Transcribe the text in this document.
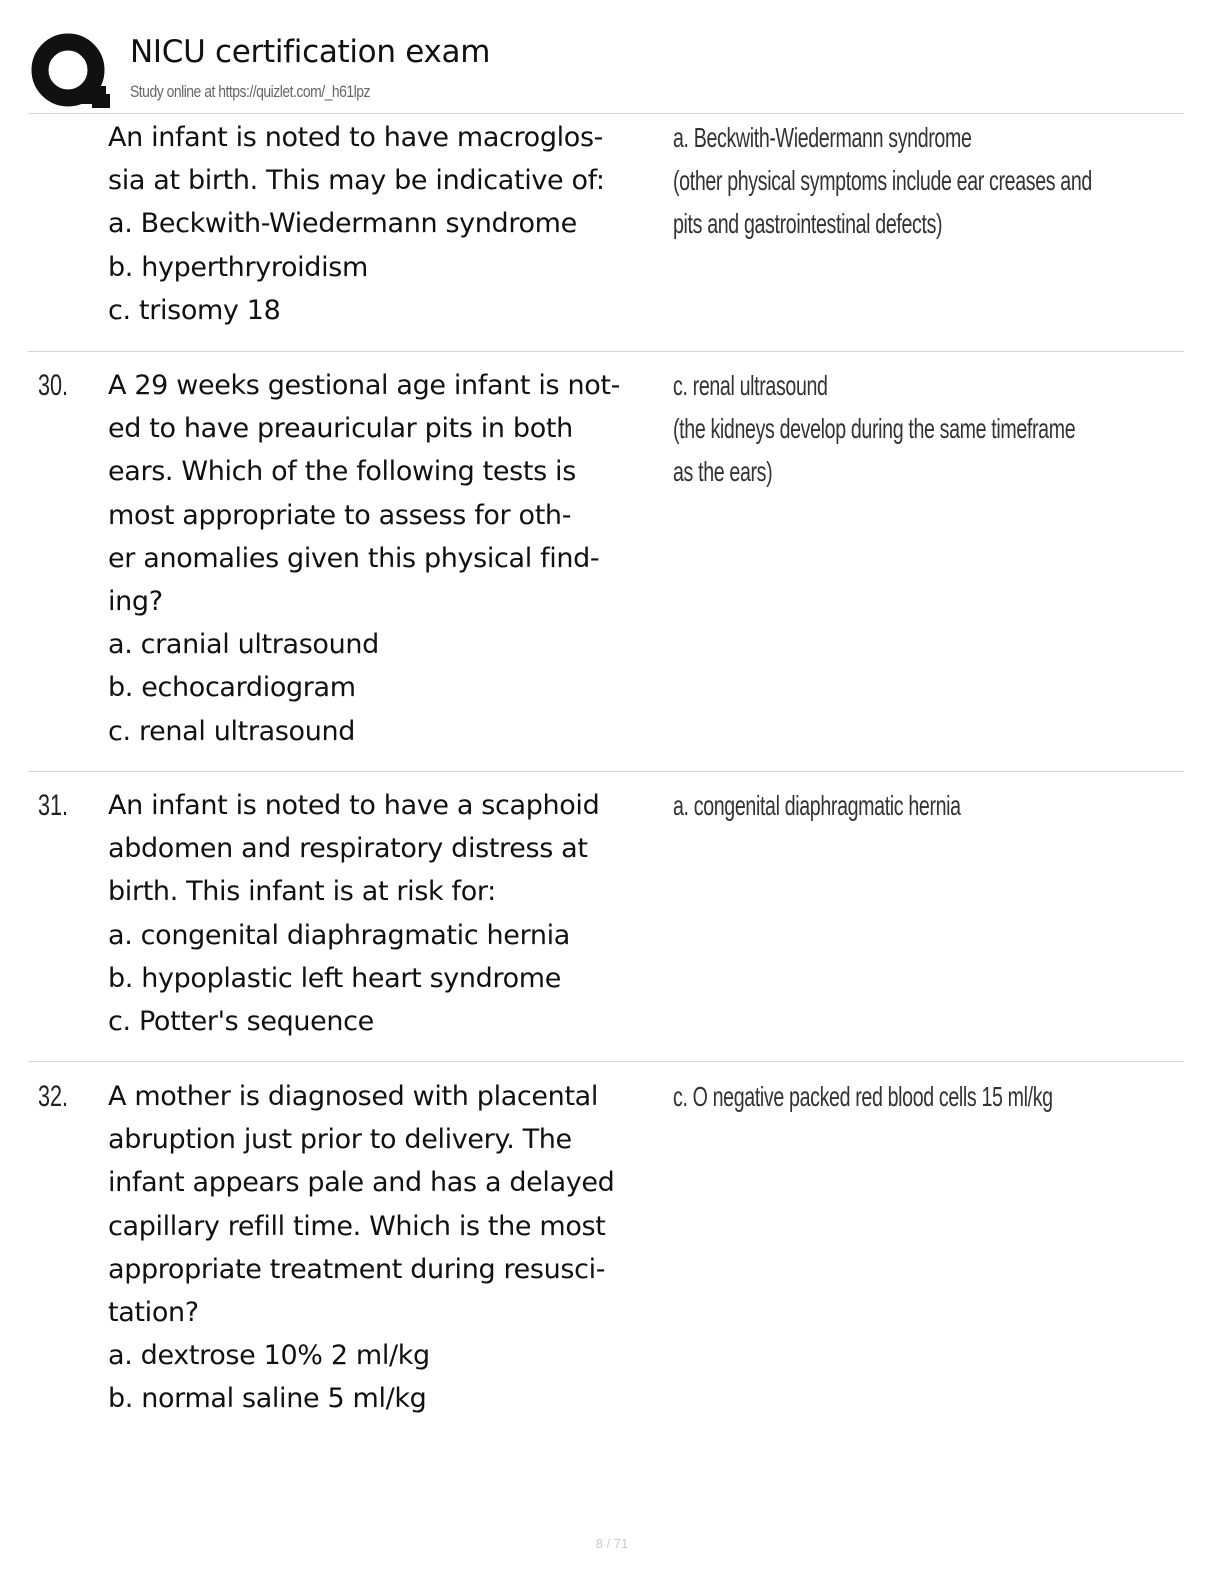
NICU certification exam
Study online at https://quizlet.com/_h61lpz
An infant is noted to have macroglos-
sia at birth. This may be indicative of:
a. Beckwith-Wiedermann syndrome
b. hyperthryroidism
c. trisomy 18
a. Beckwith-Wiedermann syndrome
(other physical symptoms include ear creases and
pits and gastrointestinal defects)
30. A 29 weeks gestional age infant is not-
ed to have preauricular pits in both
ears. Which of the following tests is
most appropriate to assess for oth-
er anomalies given this physical find-
ing?
a. cranial ultrasound
b. echocardiogram
c. renal ultrasound
c. renal ultrasound
(the kidneys develop during the same timeframe
as the ears)
31. An infant is noted to have a scaphoid
abdomen and respiratory distress at
birth. This infant is at risk for:
a. congenital diaphragmatic hernia
b. hypoplastic left heart syndrome
c. Potter's sequence
a. congenital diaphragmatic hernia
32. A mother is diagnosed with placental
abruption just prior to delivery. The
infant appears pale and has a delayed
capillary refill time. Which is the most
appropriate treatment during resusci-
tation?
a. dextrose 10% 2 ml/kg
b. normal saline 5 ml/kg
c. O negative packed red blood cells 15 ml/kg
8 / 71
